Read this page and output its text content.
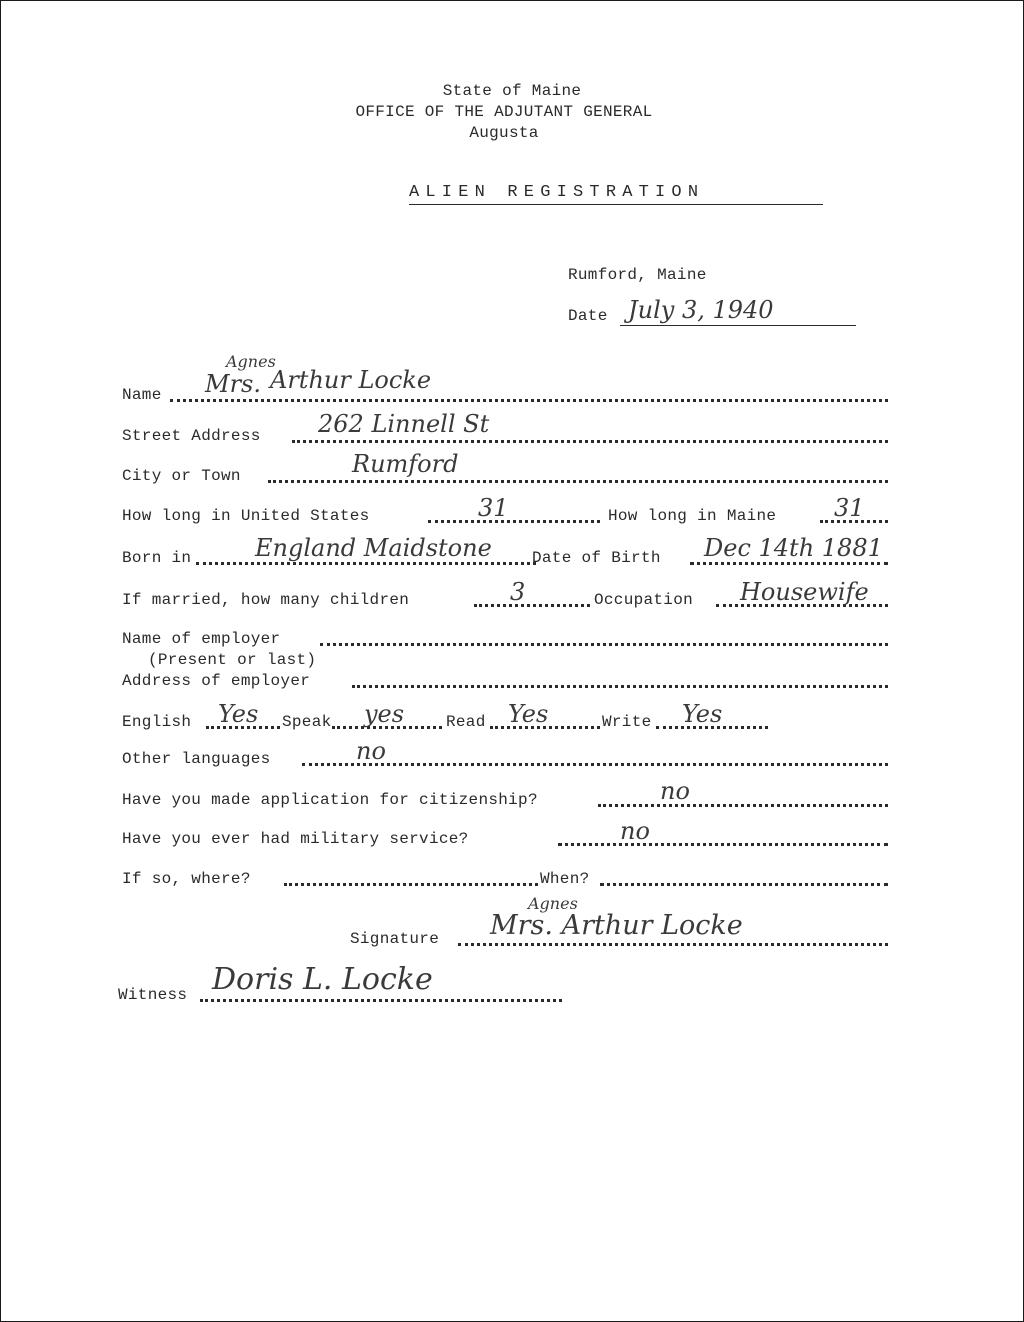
State of Maine
OFFICE OF THE ADJUTANT GENERAL
Augusta
ALIEN REGISTRATION
Rumford, Maine
Date July 3, 1940
Agnes
Name Mrs. Arthur Locke
Street Address 262 Linnell St
City or Town	Rumford
How long in United States	31	How long in Maine 31
Born in	England Maidstone	Date of Birth Dec 14th 1881
If married, how many children	3	Occupation Housewife
Name of employer
(Present or last)
Address of employer
English Yes Speak yes	Read Yes	Write Yes
Other languages	no
Have you made application for citizenship?	no
Have you ever had military service?	no
If so, where?	When?
Agnes
Signature Mrs. Arthur Locke
Witness Doris L. Locke
